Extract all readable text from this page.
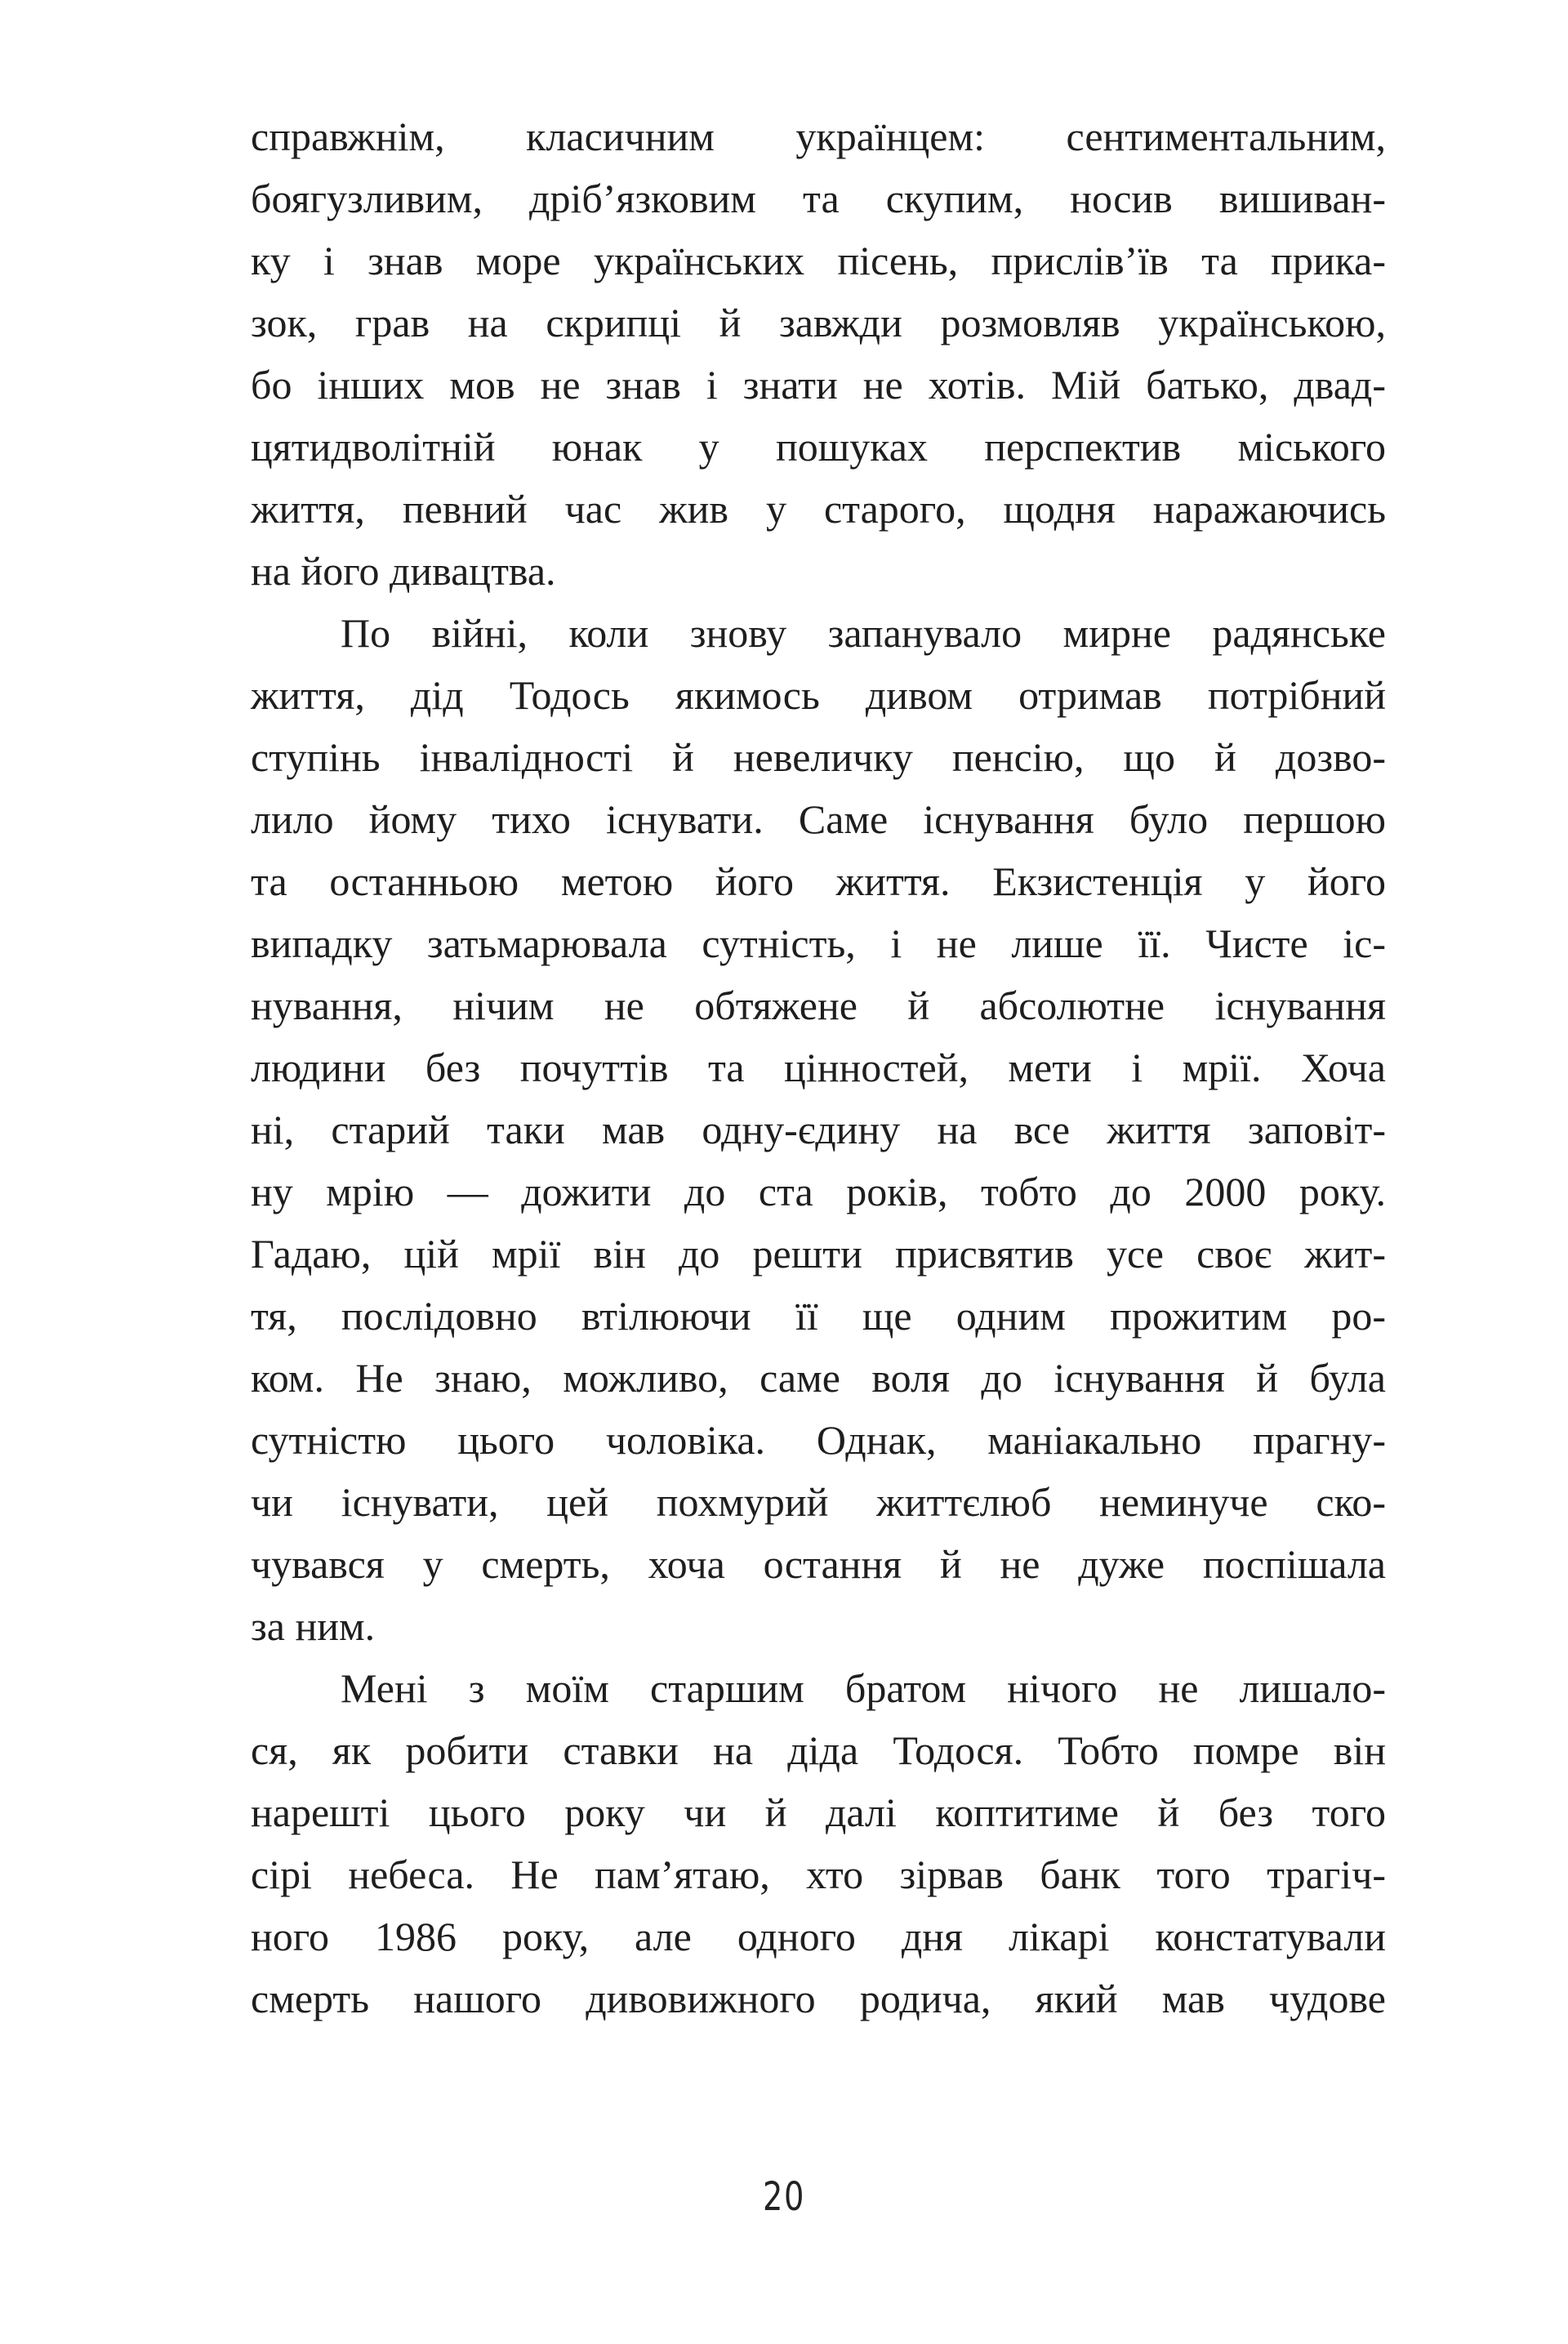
справжнім, класичним українцем: сентиментальним,
боягузливим, дріб’язковим та скупим, носив вишиван-
ку і знав море українських пісень, прислів’їв та прика-
зок, грав на скрипці й завжди розмовляв українською,
бо інших мов не знав і знати не хотів. Мій батько, двад-
цятидволітній юнак у пошуках перспектив міського
життя, певний час жив у старого, щодня наражаючись
на його дивацтва.
По війні, коли знову запанувало мирне радянське
життя, дід Тодось якимось дивом отримав потрібний
ступінь інвалідності й невеличку пенсію, що й дозво-
лило йому тихо існувати. Саме існування було першою
та останньою метою його життя. Екзистенція у його
випадку затьмарювала сутність, і не лише її. Чисте іс-
нування, нічим не обтяжене й абсолютне існування
людини без почуттів та цінностей, мети і мрії. Хоча
ні, старий таки мав одну-єдину на все життя заповіт-
ну мрію — дожити до ста років, тобто до 2000 року.
Гадаю, цій мрії він до решти присвятив усе своє жит-
тя, послідовно втілюючи її ще одним прожитим ро-
ком. Не знаю, можливо, саме воля до існування й була
сутністю цього чоловіка. Однак, маніакально прагну-
чи існувати, цей похмурий життєлюб неминуче ско-
чувався у смерть, хоча остання й не дуже поспішала
за ним.
Мені з моїм старшим братом нічого не лишало-
ся, як робити ставки на діда Тодося. Тобто помре він
нарешті цього року чи й далі коптитиме й без того
сірі небеса. Не пам’ятаю, хто зірвав банк того трагіч-
ного 1986 року, але одного дня лікарі констатували
смерть нашого дивовижного родича, який мав чудове
20
